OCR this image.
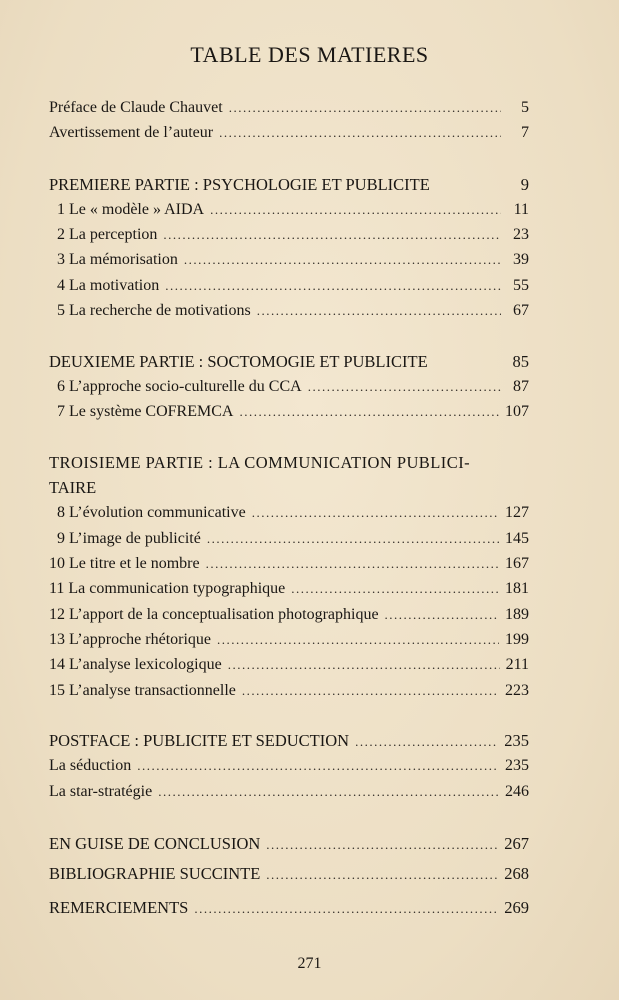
TABLE DES MATIERES
Préface de Claude Chauvet .....	5
Avertissement de l’auteur .....	7
PREMIERE PARTIE : PSYCHOLOGIE ET PUBLICITE	9
1 Le « modèle » AIDA .....	11
2 La perception .....	23
3 La mémorisation .....	39
4 La motivation .....	55
5 La recherche de motivations .....	67
DEUXIEME PARTIE : SOCTOMOGIE ET PUBLICITE	85
6 L’approche socio-culturelle du CCA .....	87
7 Le système COFREMCA .....	107
TROISIEME PARTIE : LA COMMUNICATION PUBLICI-
TAIRE
8 L’évolution communicative .....	127
9 L’image de publicité .....	145
10 Le titre et le nombre .....	167
11 La communication typographique .....	181
12 L’apport de la conceptualisation photographique .....	189
13 L’approche rhétorique .....	199
14 L’analyse lexicologique .....	211
15 L’analyse transactionnelle .....	223
POSTFACE : PUBLICITE ET SEDUCTION .....	235
La séduction .....	235
La star-stratégie .....	246
EN GUISE DE CONCLUSION .....	267
BIBLIOGRAPHIE SUCCINTE .....	268
REMERCIEMENTS .....	269
271
